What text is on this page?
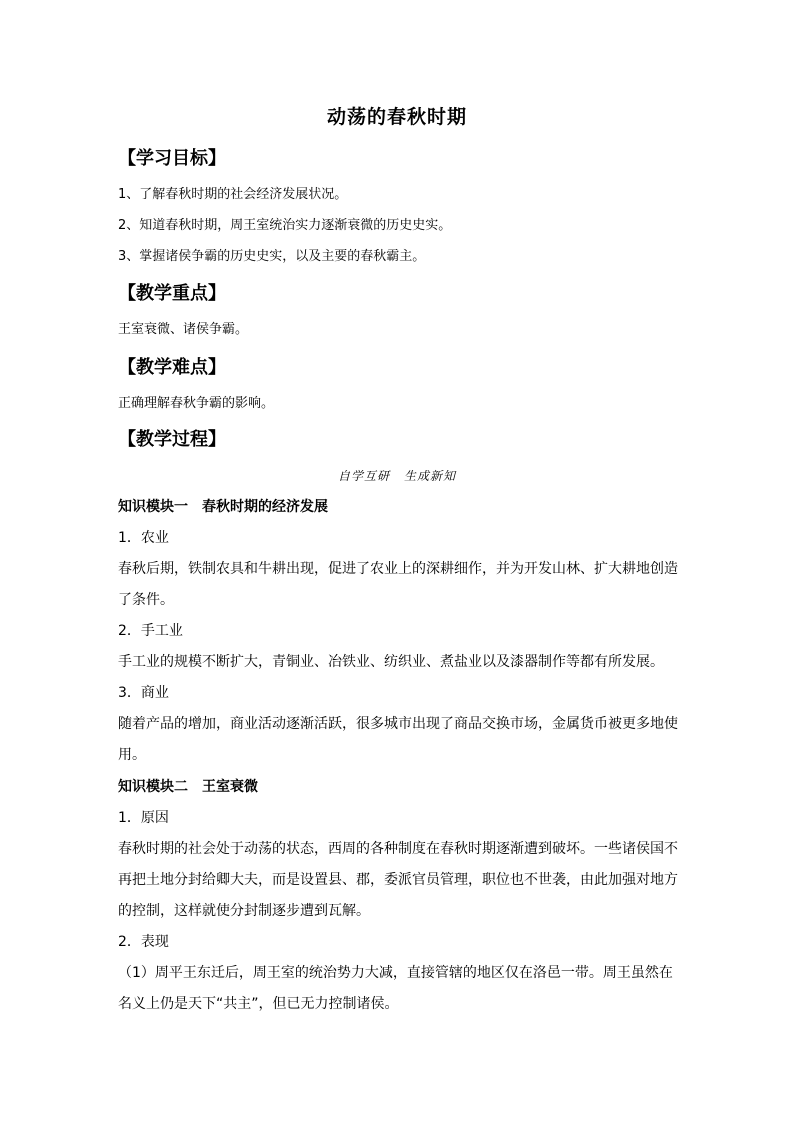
动荡的春秋时期
【学习目标】
1、了解春秋时期的社会经济发展状况。
2、知道春秋时期，周王室统治实力逐渐衰微的历史史实。
3、掌握诸侯争霸的历史史实，以及主要的春秋霸主。
【教学重点】
王室衰微、诸侯争霸。
【教学难点】
正确理解春秋争霸的影响。
【教学过程】
自学互研 生成新知
知识模块一 春秋时期的经济发展
1．农业
春秋后期，铁制农具和牛耕出现，促进了农业上的深耕细作，并为开发山林、扩大耕地创造
了条件。
2．手工业
手工业的规模不断扩大，青铜业、冶铁业、纺织业、煮盐业以及漆器制作等都有所发展。
3．商业
随着产品的增加，商业活动逐渐活跃，很多城市出现了商品交换市场，金属货币被更多地使
用。
知识模块二 王室衰微
1．原因
春秋时期的社会处于动荡的状态，西周的各种制度在春秋时期逐渐遭到破坏。一些诸侯国不
再把土地分封给卿大夫，而是设置县、郡，委派官员管理，职位也不世袭，由此加强对地方
的控制，这样就使分封制逐步遭到瓦解。
2．表现
（1）周平王东迁后，周王室的统治势力大减，直接管辖的地区仅在洛邑一带。周王虽然在
名义上仍是天下“共主”，但已无力控制诸侯。
